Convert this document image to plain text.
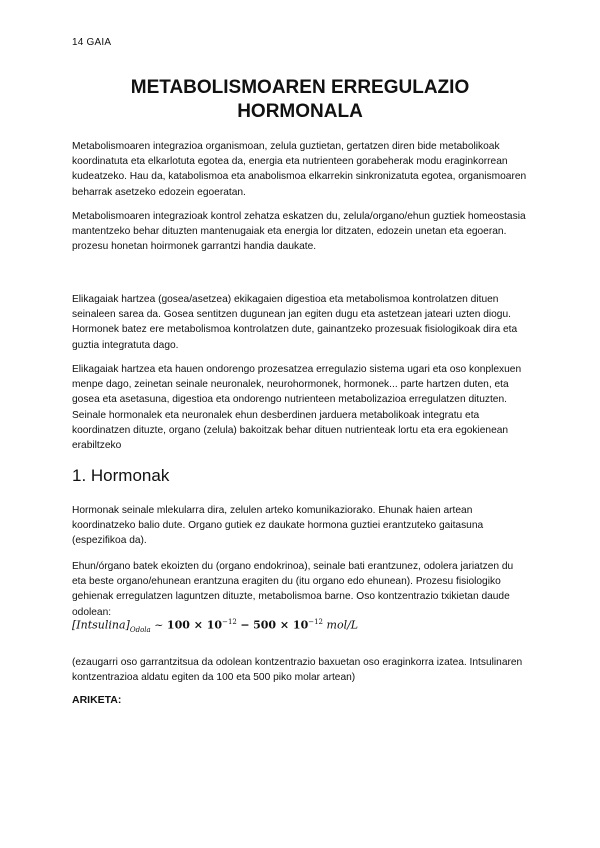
14 GAIA
METABOLISMOAREN ERREGULAZIO
HORMONALA

Metabolismoaren integrazioa organismoan, zelula guztietan, gertatzen diren bide metabolikoak koordinatuta eta elkarlotuta egotea da, energia eta nutrienteen gorabeherak modu eraginkorrean kudeatzeko. Hau da, katabolismoa eta anabolismoa elkarrekin sinkronizatuta egotea, organismoaren beharrak asetzeko edozein egoeratan.

Metabolismoaren integrazioak kontrol zehatza eskatzen du, zelula/organo/ehun guztiek homeostasia mantentzeko behar dituzten mantenugaiak eta energia lor ditzaten, edozein unetan eta egoeran. prozesu honetan hoirmonek garrantzi handia daukate.

Elikagaiak hartzea (gosea/asetzea) ekikagaien digestioa eta metabolismoa kontrolatzen dituen seinaleen sarea da. Gosea sentitzen dugunean jan egiten dugu eta astetzean jateari uzten diogu. Hormonek batez ere metabolismoa kontrolatzen dute, gainantzeko prozesuak fisiologikoak dira eta guztia integratuta dago.

Elikagaiak hartzea eta hauen ondorengo prozesatzea erregulazio sistema ugari eta oso konplexuen menpe dago, zeinetan seinale neuronalek, neurohormonek, hormonek... parte hartzen duten, eta gosea eta asetasuna, digestioa eta ondorengo nutrienteen metabolizazioa erregulatzen dituzten. Seinale hormonalek eta neuronalek ehun desberdinen jarduera metabolikoak integratu eta koordinatzen dituzte, organo (zelula) bakoitzak behar dituen nutrienteak lortu eta era egokienean erabiltzeko

1. Hormonak

Hormonak seinale mlekularra dira, zelulen arteko komunikaziorako. Ehunak haien artean koordinatzeko balio dute. Organo gutiek ez daukate hormona guztiei erantzuteko gaitasuna (espezifikoa da).

Ehun/órgano batek ekoizten du (organo endokrinoa), seinale bati erantzunez, odolera jariatzen du eta beste organo/ehunean erantzuna eragiten du (itu organo edo ehunean). Prozesu fisiologiko gehienak erregulatzen laguntzen dituzte, metabolismoa barne. Oso kontzentrazio txikietan daude odolean:

$[Intsulina]_{Odola}$ ~ $100 \times 10^{-12} - 500 \times 10^{-12}$ mol/L

(ezaugarri oso garrantzitsua da odolean kontzentrazio baxuetan oso eraginkorra izatea. Intsulinaren kontzentrazioa aldatu egiten da 100 eta 500 piko molar artean)

ARIKETA:
